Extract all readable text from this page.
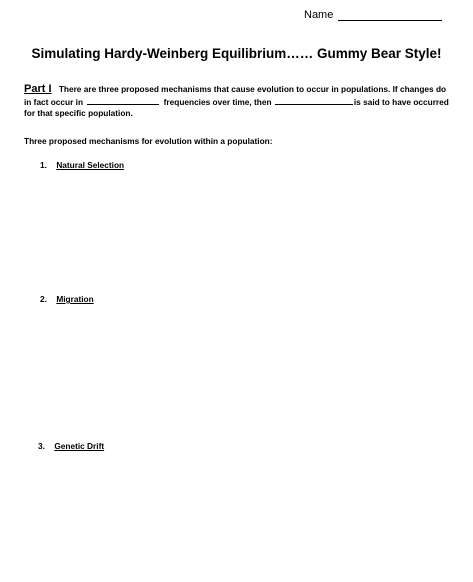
Name
Simulating Hardy-Weinberg Equilibrium…… Gummy Bear Style!
Part I There are three proposed mechanisms that cause evolution to occur in populations. If changes do in fact occur in	frequencies over time, then	is said to have occurred for that specific population.
Three proposed mechanisms for evolution within a population:
1. Natural Selection
2. Migration
3. Genetic Drift
